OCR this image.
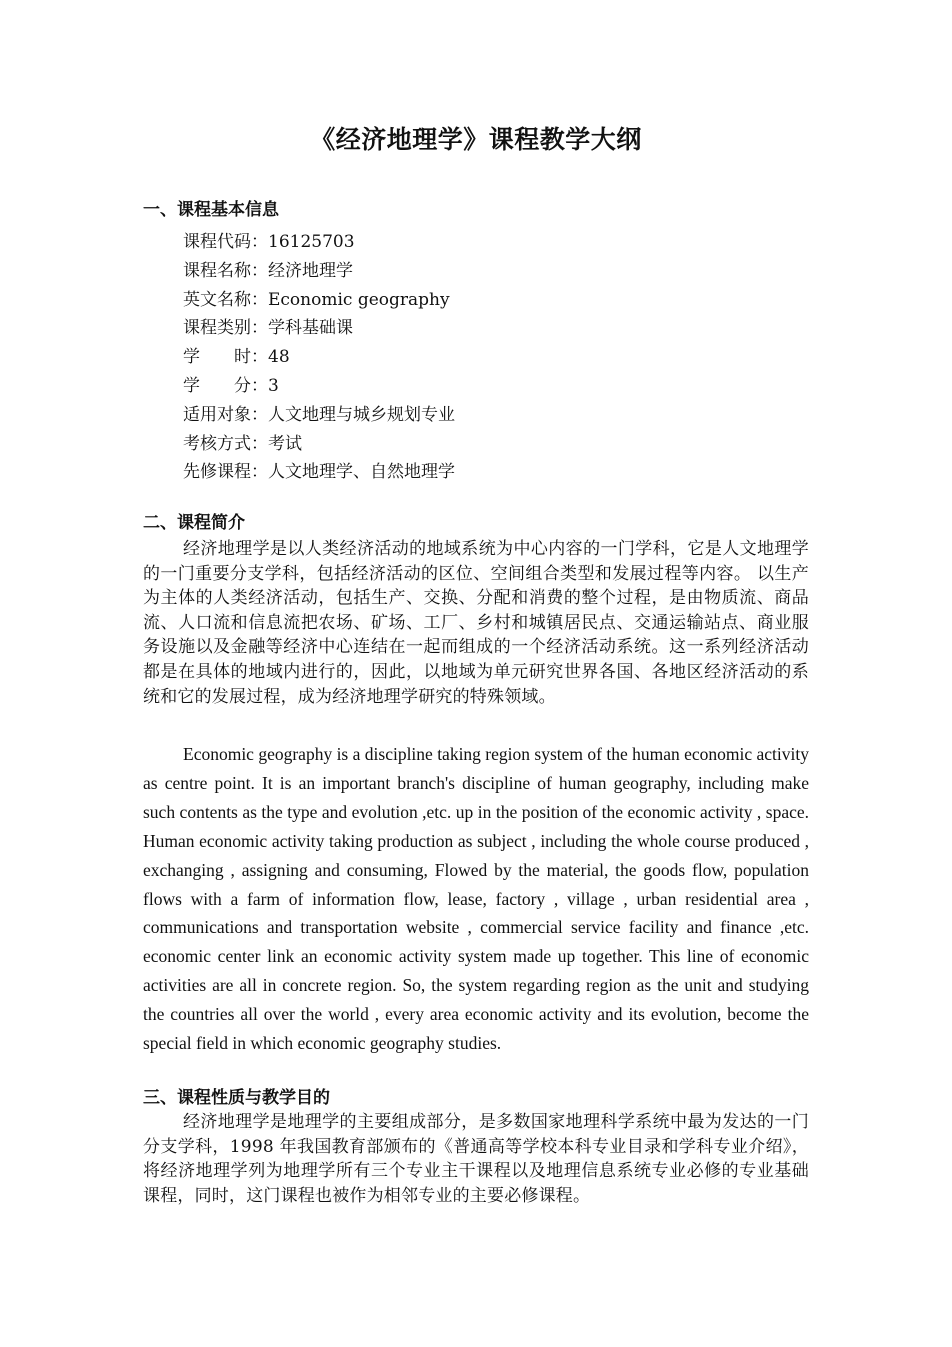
《经济地理学》课程教学大纲
一、课程基本信息
课程代码：16125703
课程名称：经济地理学
英文名称：Economic geography
课程类别：学科基础课
学　　时：48
学　　分：3
适用对象：人文地理与城乡规划专业
考核方式：考试
先修课程：人文地理学、自然地理学
二、课程简介

经济地理学是以人类经济活动的地域系统为中心内容的一门学科，它是人文地理学的一门重要分支学科，包括经济活动的区位、空间组合类型和发展过程等内容。 以生产为主体的人类经济活动，包括生产、交换、分配和消费的整个过程，是由物质流、商品流、人口流和信息流把农场、矿场、工厂、乡村和城镇居民点、交通运输站点、商业服务设施以及金融等经济中心连结在一起而组成的一个经济活动系统。这一系列经济活动都是在具体的地域内进行的，因此，以地域为单元研究世界各国、各地区经济活动的系统和它的发展过程，成为经济地理学研究的特殊领域。

Economic geography is a discipline taking region system of the human economic activity as centre point. It is an important branch's discipline of human geography, including make such contents as the type and evolution ,etc. up in the position of the economic activity , space. Human economic activity taking production as subject , including the whole course produced , exchanging , assigning and consuming, Flowed by the material, the goods flow, population flows with a farm of information flow, lease, factory , village , urban residential area , communications and transportation website , commercial service facility and finance ,etc. economic center link an economic activity system made up together. This line of economic activities are all in concrete region. So, the system regarding region as the unit and studying the countries all over the world , every area economic activity and its evolution, become the special field in which economic geography studies.

三、课程性质与教学目的

经济地理学是地理学的主要组成部分，是多数国家地理科学系统中最为发达的一门分支学科，1998 年我国教育部颁布的《普通高等学校本科专业目录和学科专业介绍》，将经济地理学列为地理学所有三个专业主干课程以及地理信息系统专业必修的专业基础课程，同时，这门课程也被作为相邻专业的主要必修课程。
